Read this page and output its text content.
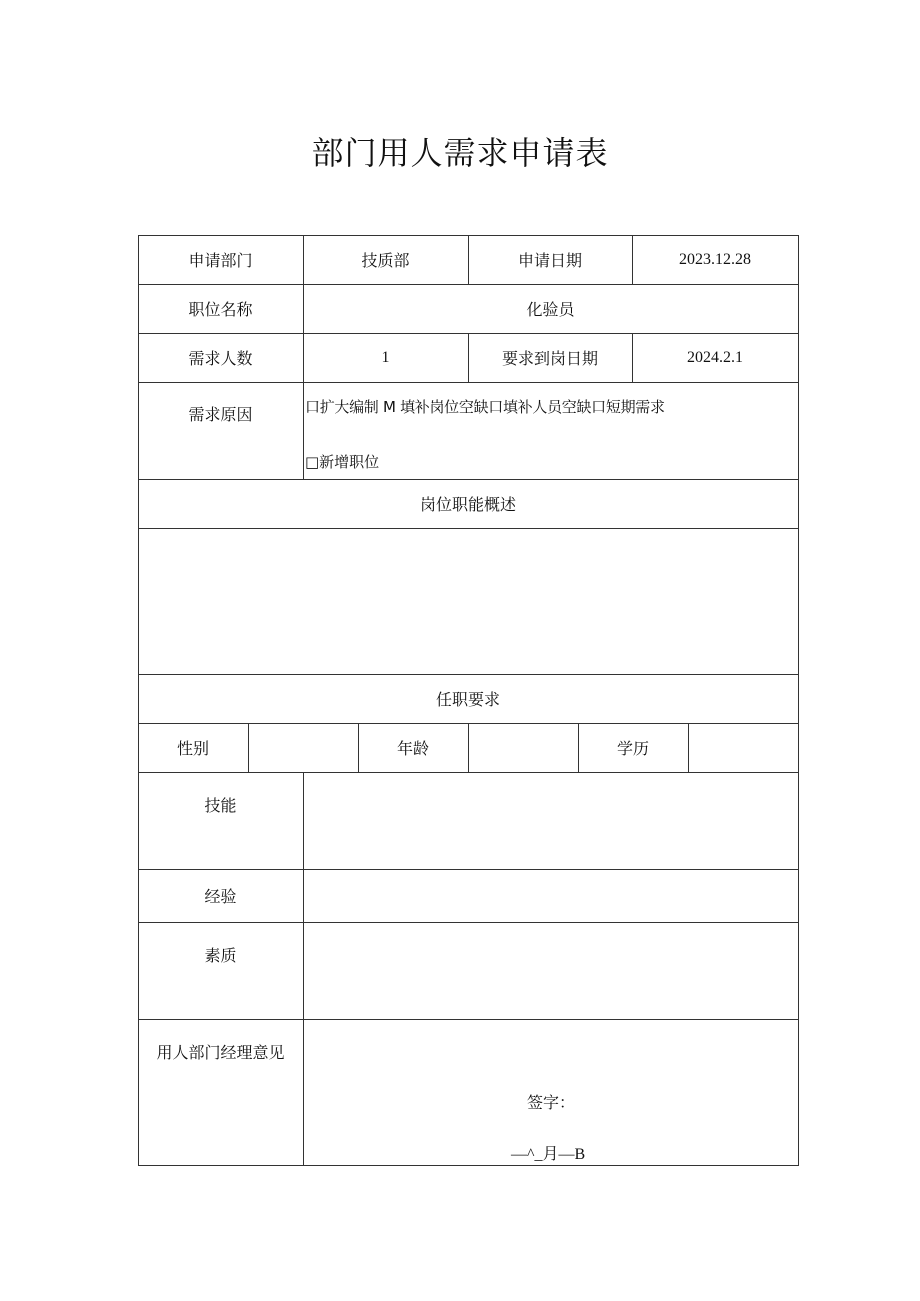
部门用人需求申请表
申请部门	技质部	申请日期	2023.12.28
职位名称	化验员
需求人数	1	要求到岗日期	2024.2.1
需求原因	口扩大编制 M 填补岗位空缺口填补人员空缺口短期需求
□新增职位
岗位职能概述
任职要求
性别	年龄	学历
技能
经验
素质
用人部门经理意见
签字：
—^_月—B
